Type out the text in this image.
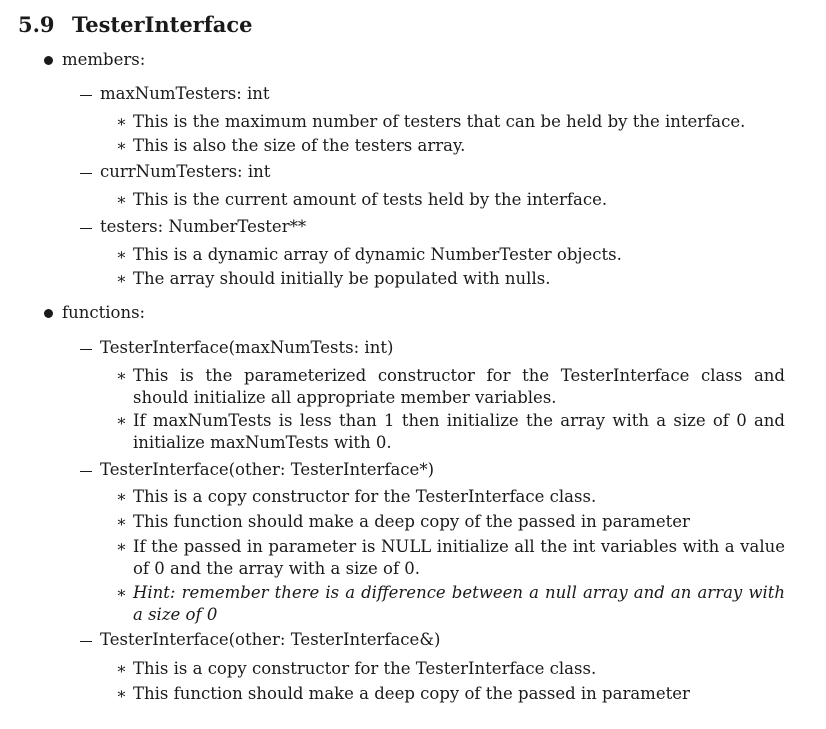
5.9 TesterInterface
members:
maxNumTesters: int
∗ This is the maximum number of testers that can be held by the interface.
∗ This is also the size of the testers array.
currNumTesters: int
∗ This is the current amount of tests held by the interface.
testers: NumberTester**
∗ This is a dynamic array of dynamic NumberTester objects.
∗ The array should initially be populated with nulls.
functions:
TesterInterface(maxNumTests: int)
∗ This is the parameterized constructor for the TesterInterface class and should initialize all appropriate member variables.
∗ If maxNumTests is less than 1 then initialize the array with a size of 0 and initialize maxNumTests with 0.
TesterInterface(other: TesterInterface*)
∗ This is a copy constructor for the TesterInterface class.
∗ This function should make a deep copy of the passed in parameter
∗ If the passed in parameter is NULL initialize all the int variables with a value of 0 and the array with a size of 0.
∗ Hint: remember there is a difference between a null array and an array with a size of 0
TesterInterface(other: TesterInterface&)
∗ This is a copy constructor for the TesterInterface class.
∗ This function should make a deep copy of the passed in parameter
